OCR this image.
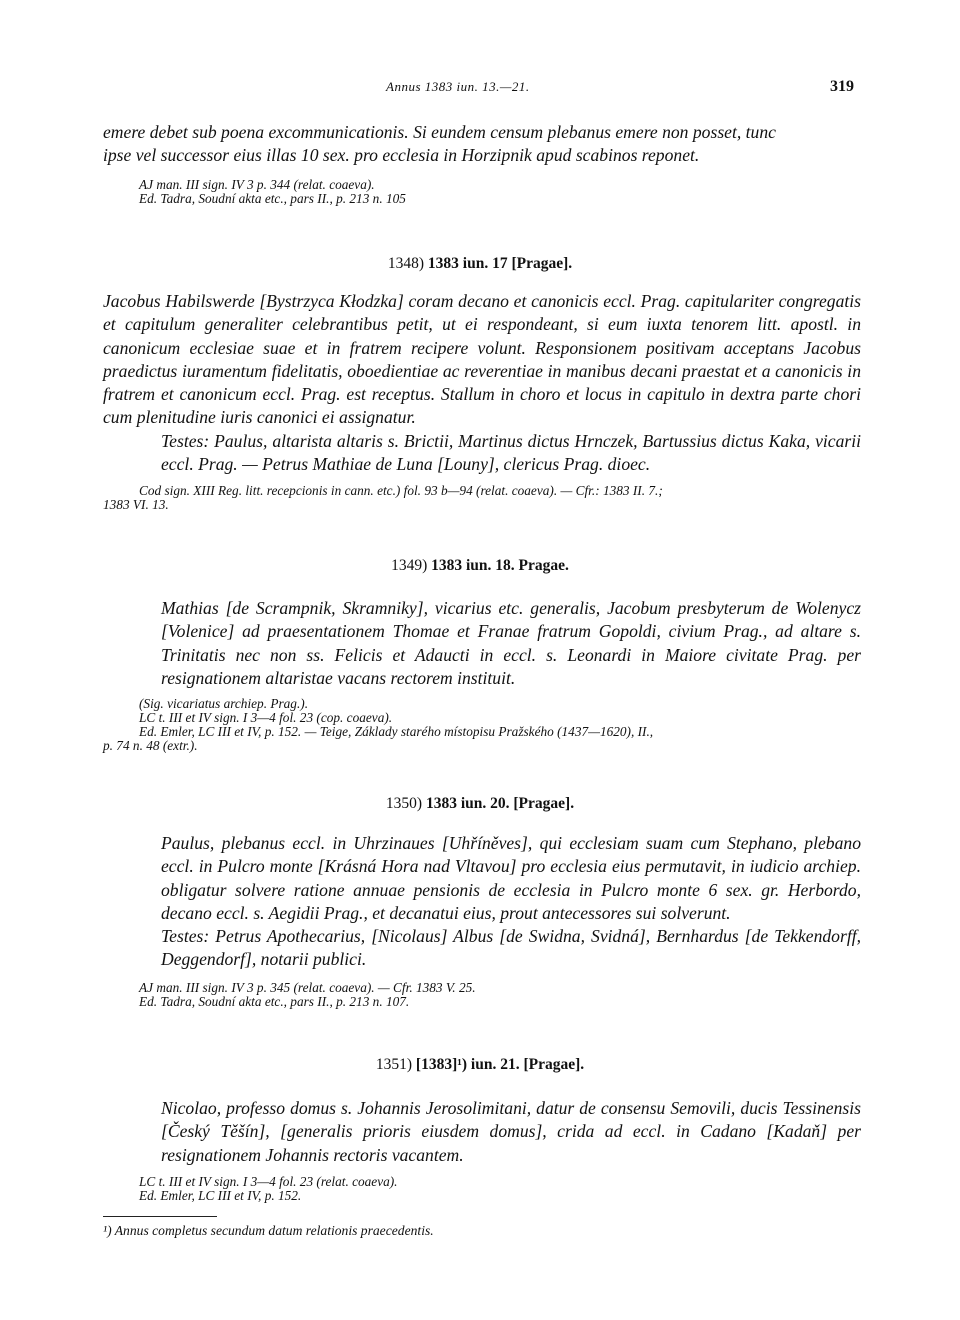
Annus 1383 iun. 13.—21.	319
emere debet sub poena excommunicationis. Si eundem censum plebanus emere non posset, tunc
ipse vel successor eius illas 10 sex. pro ecclesia in Horzipnik apud scabinos reponet.
AJ man. III sign. IV 3 p. 344 (relat. coaeva).
Ed. Tadra, Soudní akta etc., pars II., p. 213 n. 105
1348) 1383 iun. 17 [Pragae].
Jacobus Habilswerde [Bystrzyca Kłodzka] coram decano et canonicis eccl. Prag. capitulariter congregatis et capitulum generaliter celebrantibus petit, ut ei respondeant, si eum iuxta tenorem litt. apostl. in canonicum ecclesiae suae et in fratrem recipere volunt. Responsionem positivam acceptans Jacobus praedictus iuramentum fidelitatis, oboedientiae ac reverentiae in manibus decani praestat et a canonicis in fratrem et canonicum eccl. Prag. est receptus. Stallum in choro et locus in capitulo in dextra parte chori cum plenitudine iuris canonici ei assignatur.
Testes: Paulus, altarista altaris s. Brictii, Martinus dictus Hrnczek, Bartussius dictus Kaka, vicarii eccl. Prag. — Petrus Mathiae de Luna [Louny], clericus Prag. dioec.
Cod sign. XIII Reg. litt. recepcionis in cann. etc.) fol. 93 b—94 (relat. coaeva). — Cfr.: 1383 II. 7.;
1383 VI. 13.
1349) 1383 iun. 18. Pragae.
Mathias [de Scrampnik, Skramniky], vicarius etc. generalis, Jacobum presbyterum de Wolenycz [Volenice] ad praesentationem Thomae et Franae fratrum Gopoldi, civium Prag., ad altare s. Trinitatis nec non ss. Felicis et Adaucti in eccl. s. Leonardi in Maiore civitate Prag. per resignationem altaristae vacans rectorem instituit.
(Sig. vicariatus archiep. Prag.).
LC t. III et IV sign. I 3—4 fol. 23 (cop. coaeva).
Ed. Emler, LC III et IV, p. 152. — Teige, Základy starého místopisu Pražského (1437—1620), II.,
p. 74 n. 48 (extr.).
1350) 1383 iun. 20. [Pragae].
Paulus, plebanus eccl. in Uhrzinaues [Uhříněves], qui ecclesiam suam cum Stephano, plebano eccl. in Pulcro monte [Krásná Hora nad Vltavou] pro ecclesia eius permutavit, in iudicio archiep. obligatur solvere ratione annuae pensionis de ecclesia in Pulcro monte 6 sex. gr. Herbordo, decano eccl. s. Aegidii Prag., et decanatui eius, prout antecessores sui solverunt.
Testes: Petrus Apothecarius, [Nicolaus] Albus [de Swidna, Svidná], Bernhardus [de Tekkendorff, Deggendorf], notarii publici.
AJ man. III sign. IV 3 p. 345 (relat. coaeva). — Cfr. 1383 V. 25.
Ed. Tadra, Soudní akta etc., pars II., p. 213 n. 107.
1351) [1383]¹) iun. 21. [Pragae].
Nicolao, professo domus s. Johannis Jerosolimitani, datur de consensu Semovili, ducis Tessinensis [Český Těšín], [generalis prioris eiusdem domus], crida ad eccl. in Cadano [Kadaň] per resignationem Johannis rectoris vacantem.
LC t. III et IV sign. I 3—4 fol. 23 (relat. coaeva).
Ed. Emler, LC III et IV, p. 152.
¹) Annus completus secundum datum relationis praecedentis.
